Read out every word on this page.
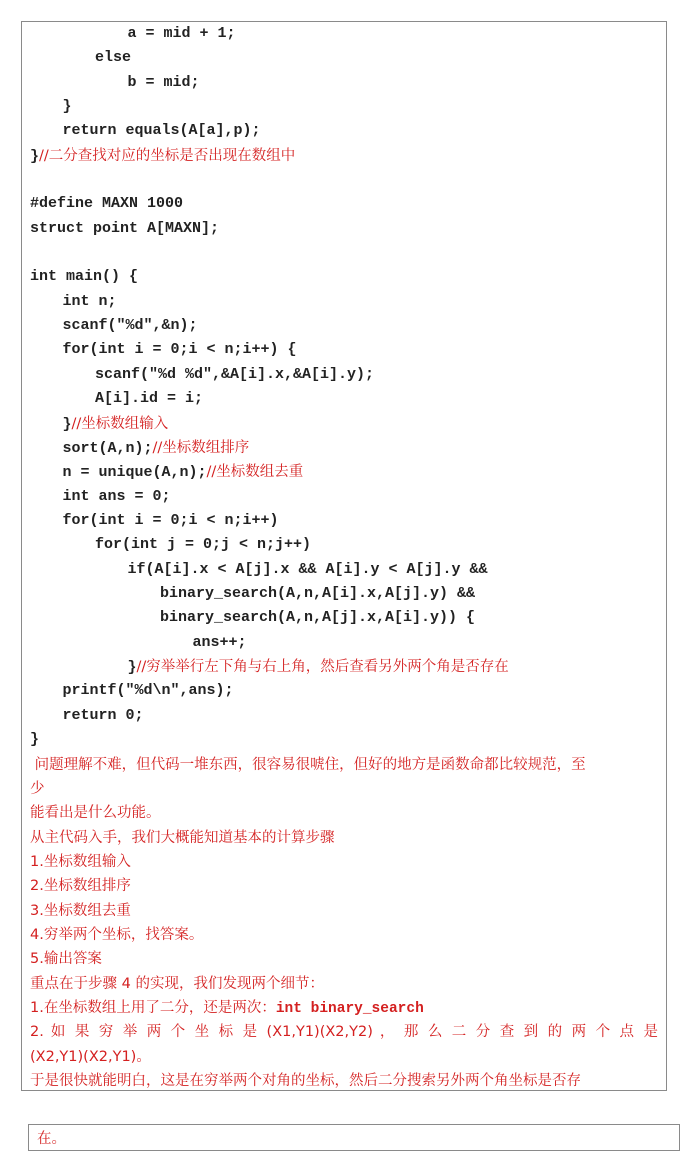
a = mid + 1;
else
b = mid;
}
return equals(A[a],p);
}//二分查找对应的坐标是否出现在数组中
#define MAXN 1000
struct point A[MAXN];
int main() {
int n;
scanf("%d",&n);
for(int i = 0;i < n;i++) {
scanf("%d %d",&A[i].x,&A[i].y);
A[i].id = i;
}//坐标数组输入
sort(A,n);//坐标数组排序
n = unique(A,n);//坐标数组去重
int ans = 0;
for(int i = 0;i < n;i++)
for(int j = 0;j < n;j++)
if(A[i].x < A[j].x && A[i].y < A[j].y &&
binary_search(A,n,A[i].x,A[j].y) &&
binary_search(A,n,A[j].x,A[i].y)) {
ans++;
}//穷举举行左下角与右上角，然后查看另外两个角是否存在
printf("%d\n",ans);
return 0;
}
问题理解不难，但代码一堆东西，很容易很唬住，但好的地方是函数命都比较规范，至
少
能看出是什么功能。
从主代码入手，我们大概能知道基本的计算步骤
1.坐标数组输入
2.坐标数组排序
3.坐标数组去重
4.穷举两个坐标，找答案。
5.输出答案
重点在于步骤 4 的实现，我们发现两个细节：
1.在坐标数组上用了二分，还是两次：int binary_search
2. 如 果 穷 举 两 个 坐 标 是 (X1,Y1)(X2,Y2) ， 那 么 二 分 查 到 的 两 个 点 是
(X2,Y1)(X2,Y1)。
于是很快就能明白，这是在穷举两个对角的坐标，然后二分搜索另外两个角坐标是否存
在。
